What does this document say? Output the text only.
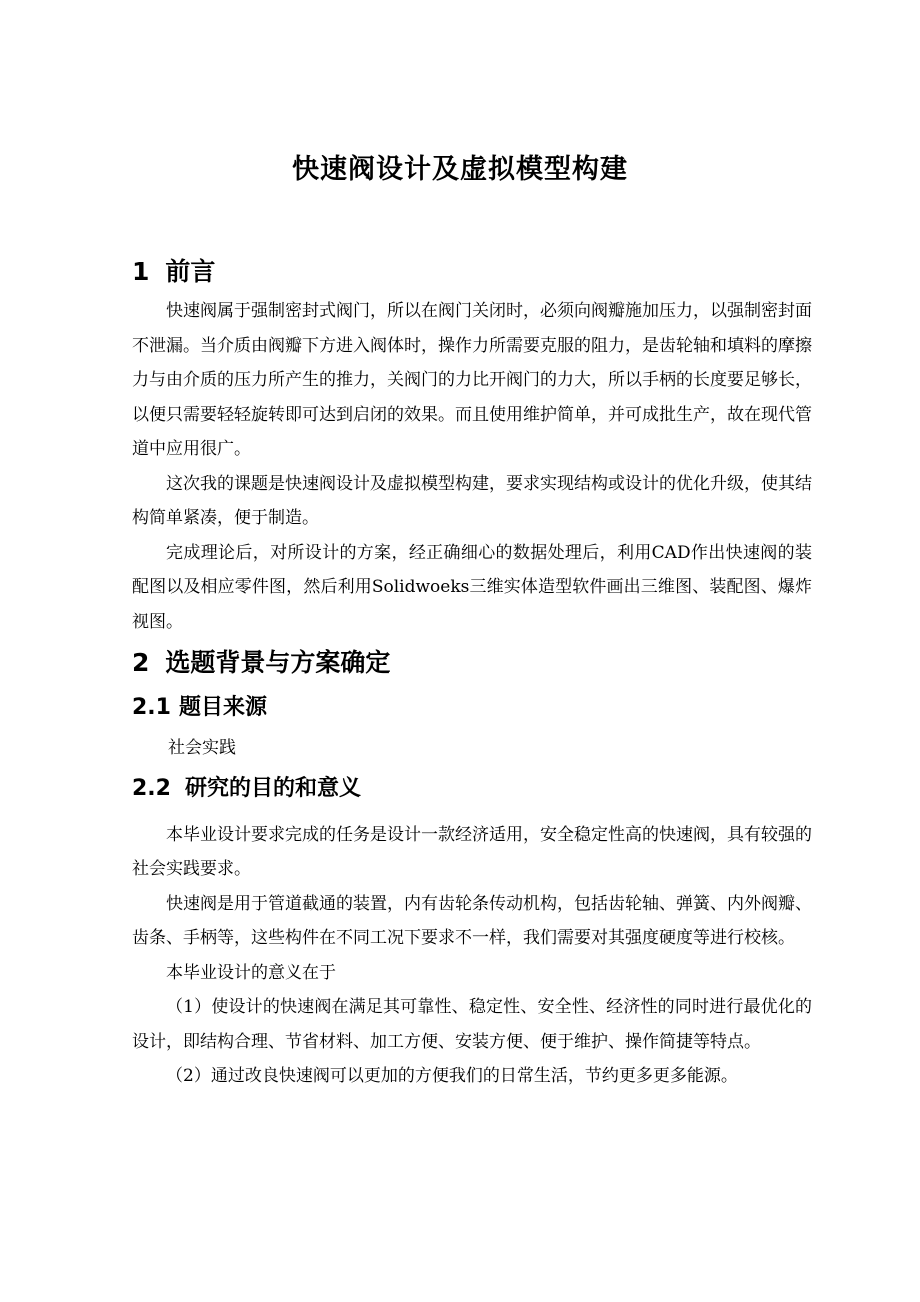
快速阀设计及虚拟模型构建
1 前言

快速阀属于强制密封式阀门，所以在阀门关闭时，必须向阀瓣施加压力，以强制密封面不泄漏。当介质由阀瓣下方进入阀体时，操作力所需要克服的阻力，是齿轮轴和填料的摩擦力与由介质的压力所产生的推力，关阀门的力比开阀门的力大，所以手柄的长度要足够长，以便只需要轻轻旋转即可达到启闭的效果。而且使用维护简单，并可成批生产，故在现代管道中应用很广。

这次我的课题是快速阀设计及虚拟模型构建，要求实现结构或设计的优化升级，使其结构简单紧凑，便于制造。

完成理论后，对所设计的方案，经正确细心的数据处理后，利用CAD作出快速阀的装配图以及相应零件图，然后利用Solidwoeks三维实体造型软件画出三维图、装配图、爆炸视图。

2 选题背景与方案确定
2.1 题目来源

社会实践

2.2 研究的目的和意义

本毕业设计要求完成的任务是设计一款经济适用，安全稳定性高的快速阀，具有较强的社会实践要求。

快速阀是用于管道截通的装置，内有齿轮条传动机构，包括齿轮轴、弹簧、内外阀瓣、齿条、手柄等，这些构件在不同工况下要求不一样，我们需要对其强度硬度等进行校核。

本毕业设计的意义在于

（1）使设计的快速阀在满足其可靠性、稳定性、安全性、经济性的同时进行最优化的设计，即结构合理、节省材料、加工方便、安装方便、便于维护、操作简捷等特点。

（2）通过改良快速阀可以更加的方便我们的日常生活，节约更多更多能源。
